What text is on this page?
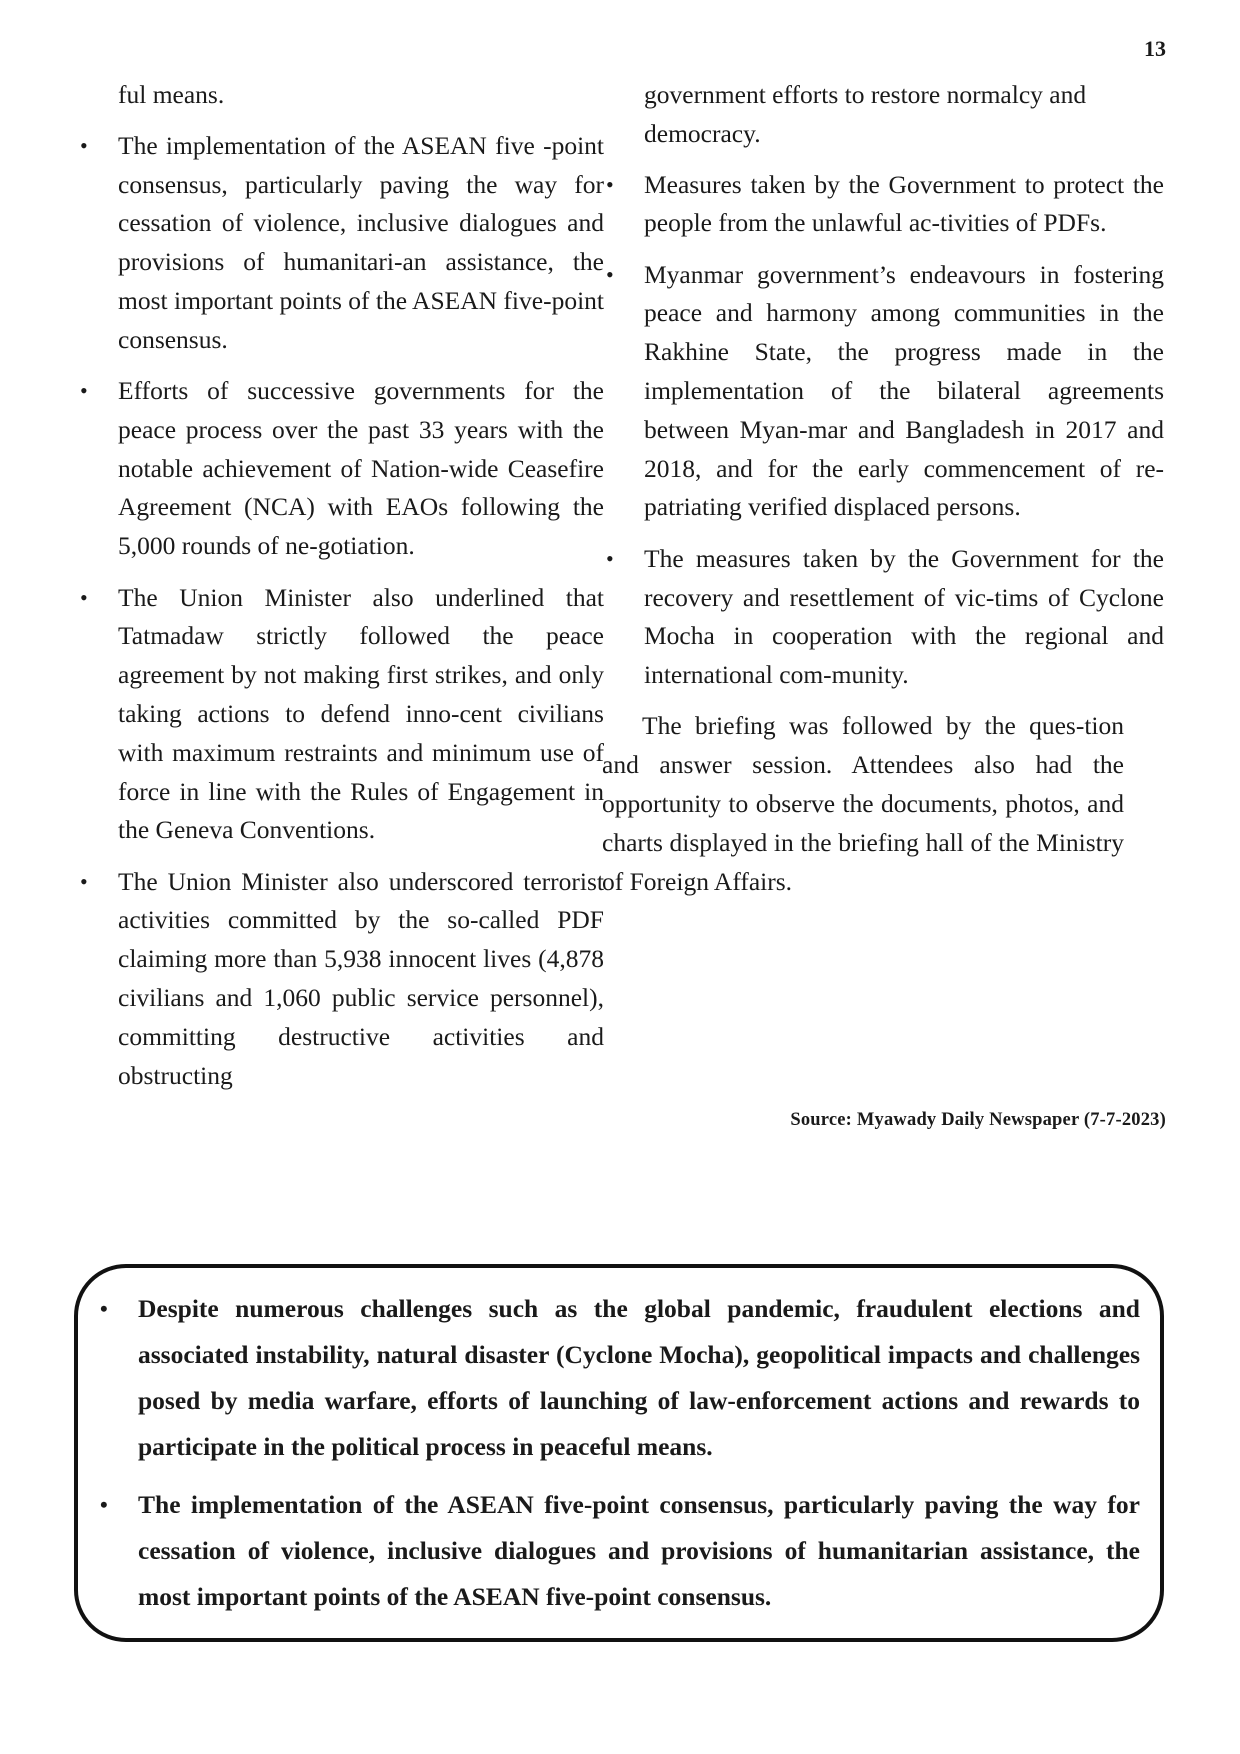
13

ful means.

• The implementation of the ASEAN five -point consensus, particularly paving the way for cessation of violence, inclusive dialogues and provisions of humanitari-an assistance, the most important points of the ASEAN five-point consensus.
• Efforts of successive governments for the peace process over the past 33 years with the notable achievement of Nation-wide Ceasefire Agreement (NCA) with EAOs following the 5,000 rounds of ne-gotiation.
• The Union Minister also underlined that Tatmadaw strictly followed the peace agreement by not making first strikes, and only taking actions to defend inno-cent civilians with maximum restraints and minimum use of force in line with the Rules of Engagement in the Geneva Conventions.
• The Union Minister also underscored terrorist activities committed by the so-called PDF claiming more than 5,938 innocent lives (4,878 civilians and 1,060 public service personnel), committing destructive activities and obstructing

government efforts to restore normalcy and democracy.

• Measures taken by the Government to protect the people from the unlawful ac-tivities of PDFs.
• Myanmar government’s endeavours in fostering peace and harmony among communities in the Rakhine State, the progress made in the implementation of the bilateral agreements between Myan-mar and Bangladesh in 2017 and 2018, and for the early commencement of re-patriating verified displaced persons.
• The measures taken by the Government for the recovery and resettlement of vic-tims of Cyclone Mocha in cooperation with the regional and international com-munity.

The briefing was followed by the ques-tion and answer session. Attendees also had the opportunity to observe the documents, photos, and charts displayed in the briefing hall of the Ministry of Foreign Affairs.

Source: Myawady Daily Newspaper (7-7-2023)
• Despite numerous challenges such as the global pandemic, fraudulent elections and associated instability, natural disaster (Cyclone Mocha), geopolitical impacts and challenges posed by media warfare, efforts of launching of law-enforcement actions and rewards to participate in the political process in peaceful means.
• The implementation of the ASEAN five-point consensus, particularly paving the way for cessation of violence, inclusive dialogues and provisions of humanitarian assistance, the most important points of the ASEAN five-point consensus.
